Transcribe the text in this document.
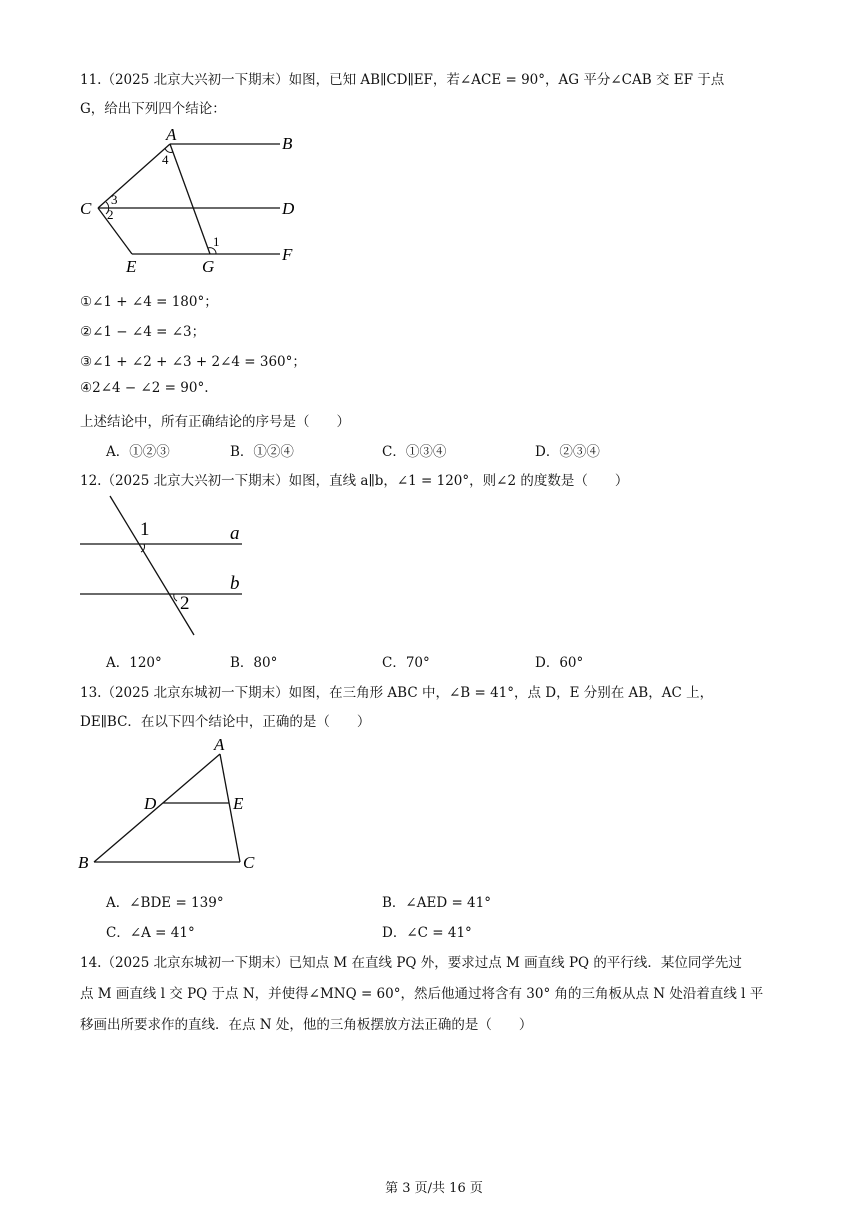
11.（2025 北京大兴初一下期末）如图，已知 AB∥CD∥EF，若∠ACE = 90°，AG 平分∠CAB 交 EF 于点
G，给出下列四个结论：
A	B
C	D
E	G
F
4
3
2
1
①∠1 + ∠4 = 180°；
②∠1 − ∠4 = ∠3；
③∠1 + ∠2 + ∠3 + 2∠4 = 360°；
④2∠4 − ∠2 = 90°.
上述结论中，所有正确结论的序号是（　　）
A．①②③	B．①②④	C．①③④	D．②③④
12.（2025 北京大兴初一下期末）如图，直线 a∥b，∠1 = 120°，则∠2 的度数是（　　）
1
2
a
b
A．120°	B．80°	C．70°	D．60°
13.（2025 北京东城初一下期末）如图，在三角形 ABC 中，∠B = 41°，点 D，E 分别在 AB，AC 上，
DE∥BC．在以下四个结论中，正确的是（　　）
A
D	E
B	C
A．∠BDE = 139°	B．∠AED = 41°
C．∠A = 41°	D．∠C = 41°
14.（2025 北京东城初一下期末）已知点 M 在直线 PQ 外，要求过点 M 画直线 PQ 的平行线．某位同学先过
点 M 画直线 l 交 PQ 于点 N，并使得∠MNQ = 60°，然后他通过将含有 30° 角的三角板从点 N 处沿着直线 l 平
移画出所要求作的直线．在点 N 处，他的三角板摆放方法正确的是（　　）
第 3 页/共 16 页
